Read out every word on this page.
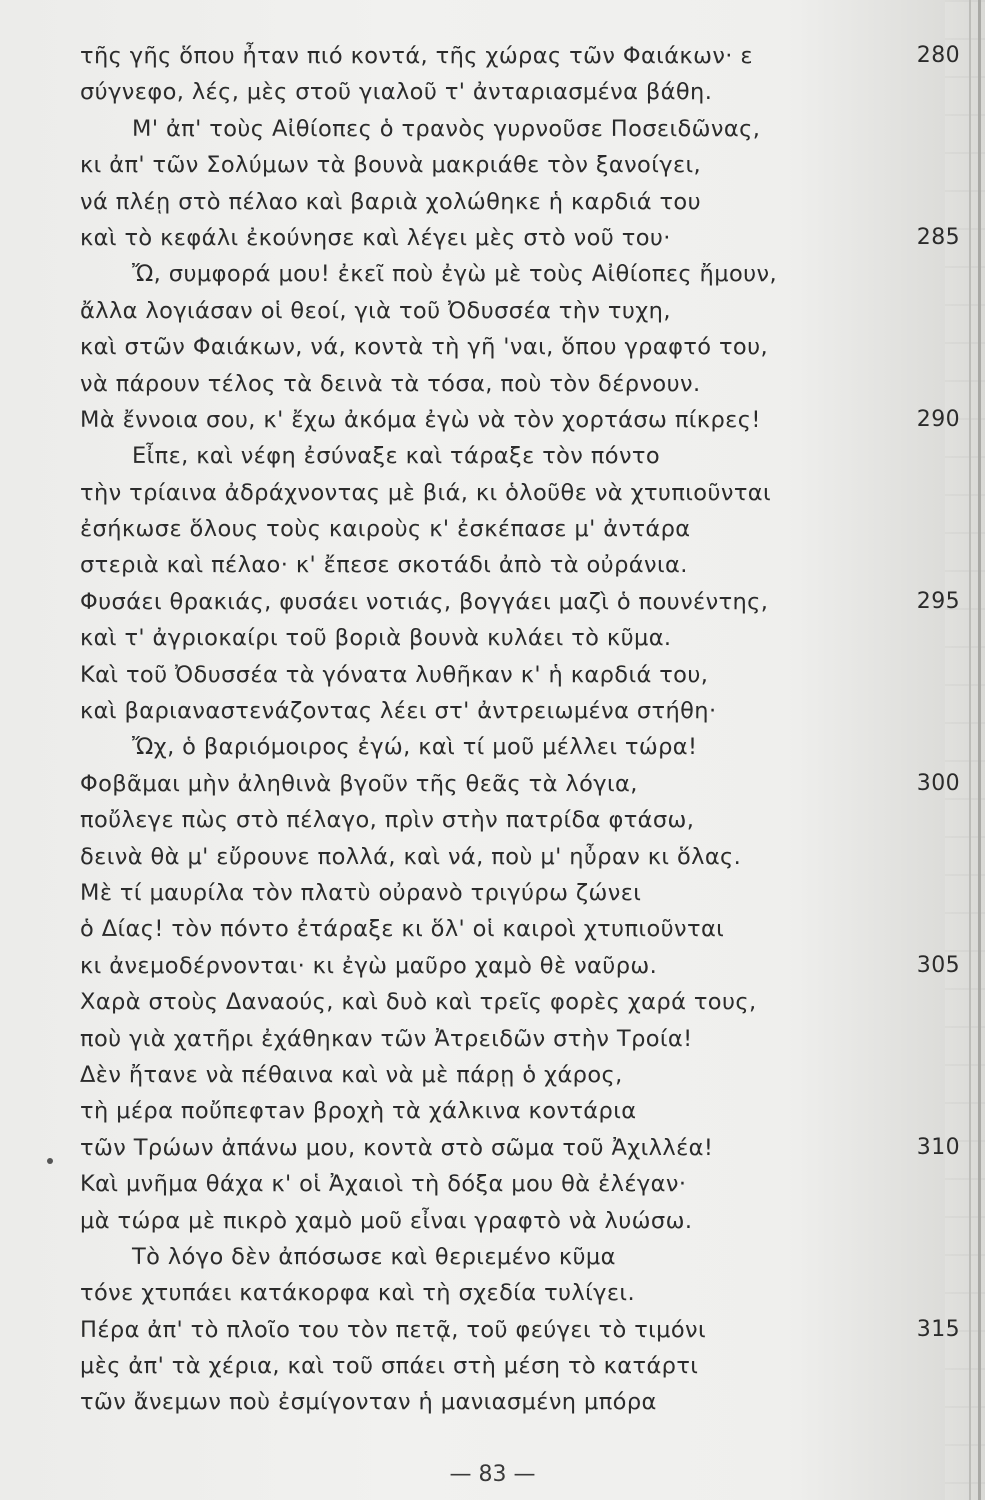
τῆς γῆς ὅπου ἦταν πιό κοντά, τῆς χώρας τῶν Φαιάκων· ε	280
σύγνεφο, λές, μὲς στοῦ γιαλοῦ τ' ἀνταριασμένα βάθη.
Μ' ἀπ' τοὺς Αἰθίοπες ὁ τρανὸς γυρνοῦσε Ποσειδῶνας,
κι ἀπ' τῶν Σολύμων τὰ βουνὰ μακριάθε τὸν ξανοίγει,
νά πλέῃ στὸ πέλαο καὶ βαριὰ χολώθηκε ἡ καρδιά του
καὶ τὸ κεφάλι ἐκούνησε καὶ λέγει μὲς στὸ νοῦ του·	285
Ὤ, συμφορά μου! ἐκεῖ ποὺ ἐγὼ μὲ τοὺς Αἰθίοπες ἤμουν,
ἄλλα λογιάσαν οἱ θεοί, γιὰ τοῦ Ὀδυσσέα τὴν τυχη,
καὶ στῶν Φαιάκων, νά, κοντὰ τὴ γῆ 'ναι, ὅπου γραφτό του,
νὰ πάρουν τέλος τὰ δεινὰ τὰ τόσα, ποὺ τὸν δέρνουν.
Μὰ ἔννοια σου, κ' ἔχω ἀκόμα ἐγὼ νὰ τὸν χορτάσω πίκρες!	290
Εἶπε, καὶ νέφη ἐσύναξε καὶ τάραξε τὸν πόντο
τὴν τρίαινα ἀδράχνοντας μὲ βιά, κι ὁλοῦθε νὰ χτυπιοῦνται
ἐσήκωσε ὅλους τοὺς καιροὺς κ' ἐσκέπασε μ' ἀντάρα
στεριὰ καὶ πέλαο· κ' ἔπεσε σκοτάδι ἀπὸ τὰ οὐράνια.
Φυσάει θρακιάς, φυσάει νοτιάς, βογγάει μαζὶ ὁ πουνέντης,	295
καὶ τ' ἀγριοκαίρι τοῦ βοριὰ βουνὰ κυλάει τὸ κῦμα.
Καὶ τοῦ Ὀδυσσέα τὰ γόνατα λυθῆκαν κ' ἡ καρδιά του,
καὶ βαριαναστενάζοντας λέει στ' ἀντρειωμένα στήθη·
Ὤχ, ὁ βαριόμοιρος ἐγώ, καὶ τί μοῦ μέλλει τώρα!
Φοβᾶμαι μὴν ἀληθινὰ βγοῦν τῆς θεᾶς τὰ λόγια,	300
ποὔλεγε πὼς στὸ πέλαγο, πρὶν στὴν πατρίδα φτάσω,
δεινὰ θὰ μ' εὔρουνε πολλά, καὶ νά, ποὺ μ' ηὖραν κι ὅλας.
Μὲ τί μαυρίλα τὸν πλατὺ οὐρανὸ τριγύρω ζώνει
ὁ Δίας! τὸν πόντο ἐτάραξε κι ὅλ' οἱ καιροὶ χτυπιοῦνται
κι ἀνεμοδέρνονται· κι ἐγὼ μαῦρο χαμὸ θὲ ναῦρω.	305
Χαρὰ στοὺς Δαναούς, καὶ δυὸ καὶ τρεῖς φορὲς χαρά τους,
ποὺ γιὰ χατῆρι ἐχάθηκαν τῶν Ἀτρειδῶν στὴν Τροία!
Δὲν ἤτανε νὰ πέθαινα καὶ νὰ μὲ πάρῃ ὁ χάρος,
τὴ μέρα ποὔπεφτaν βροχὴ τὰ χάλκινα κοντάρια
τῶν Τρώων ἀπάνω μου, κοντὰ στὸ σῶμα τοῦ Ἀχιλλέα!	310
Καὶ μνῆμα θάχα κ' οἱ Ἀχαιοὶ τὴ δόξα μου θὰ ἐλέγαν·
μὰ τώρα μὲ πικρὸ χαμὸ μοῦ εἶναι γραφτὸ νὰ λυώσω.
Τὸ λόγο δὲν ἀπόσωσε καὶ θεριεμένο κῦμα
τόνε χτυπάει κατάκορφα καὶ τὴ σχεδία τυλίγει.
Πέρα ἀπ' τὸ πλοῖο του τὸν πετᾷ, τοῦ φεύγει τὸ τιμόνι	315
μὲς ἀπ' τὰ χέρια, καὶ τοῦ σπάει στὴ μέση τὸ κατάρτι
τῶν ἄνεμων ποὺ ἐσμίγονταν ἡ μανιασμένη μπόρα
— 83 —
